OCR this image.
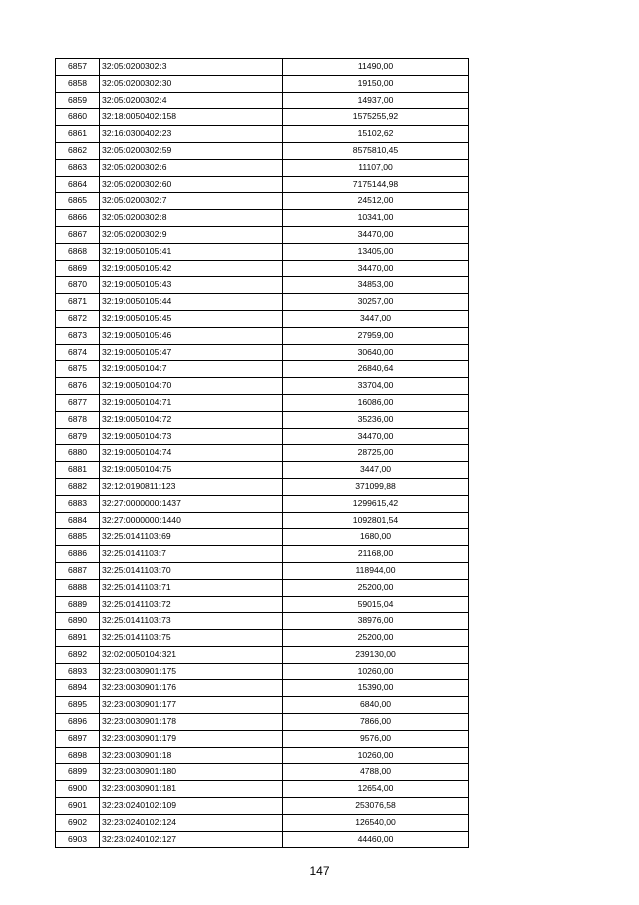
6857	32:05:0200302:3	11490,00
6858	32:05:0200302:30	19150,00
6859	32:05:0200302:4	14937,00
6860	32:18:0050402:158	1575255,92
6861	32:16:0300402:23	15102,62
6862	32:05:0200302:59	8575810,45
6863	32:05:0200302:6	11107,00
6864	32:05:0200302:60	7175144,98
6865	32:05:0200302:7	24512,00
6866	32:05:0200302:8	10341,00
6867	32:05:0200302:9	34470,00
6868	32:19:0050105:41	13405,00
6869	32:19:0050105:42	34470,00
6870	32:19:0050105:43	34853,00
6871	32:19:0050105:44	30257,00
6872	32:19:0050105:45	3447,00
6873	32:19:0050105:46	27959,00
6874	32:19:0050105:47	30640,00
6875	32:19:0050104:7	26840,64
6876	32:19:0050104:70	33704,00
6877	32:19:0050104:71	16086,00
6878	32:19:0050104:72	35236,00
6879	32:19:0050104:73	34470,00
6880	32:19:0050104:74	28725,00
6881	32:19:0050104:75	3447,00
6882	32:12:0190811:123	371099,88
6883	32:27:0000000:1437	1299615,42
6884	32:27:0000000:1440	1092801,54
6885	32:25:0141103:69	1680,00
6886	32:25:0141103:7	21168,00
6887	32:25:0141103:70	118944,00
6888	32:25:0141103:71	25200,00
6889	32:25:0141103:72	59015,04
6890	32:25:0141103:73	38976,00
6891	32:25:0141103:75	25200,00
6892	32:02:0050104:321	239130,00
6893	32:23:0030901:175	10260,00
6894	32:23:0030901:176	15390,00
6895	32:23:0030901:177	6840,00
6896	32:23:0030901:178	7866,00
6897	32:23:0030901:179	9576,00
6898	32:23:0030901:18	10260,00
6899	32:23:0030901:180	4788,00
6900	32:23:0030901:181	12654,00
6901	32:23:0240102:109	253076,58
6902	32:23:0240102:124	126540,00
6903	32:23:0240102:127	44460,00
147
